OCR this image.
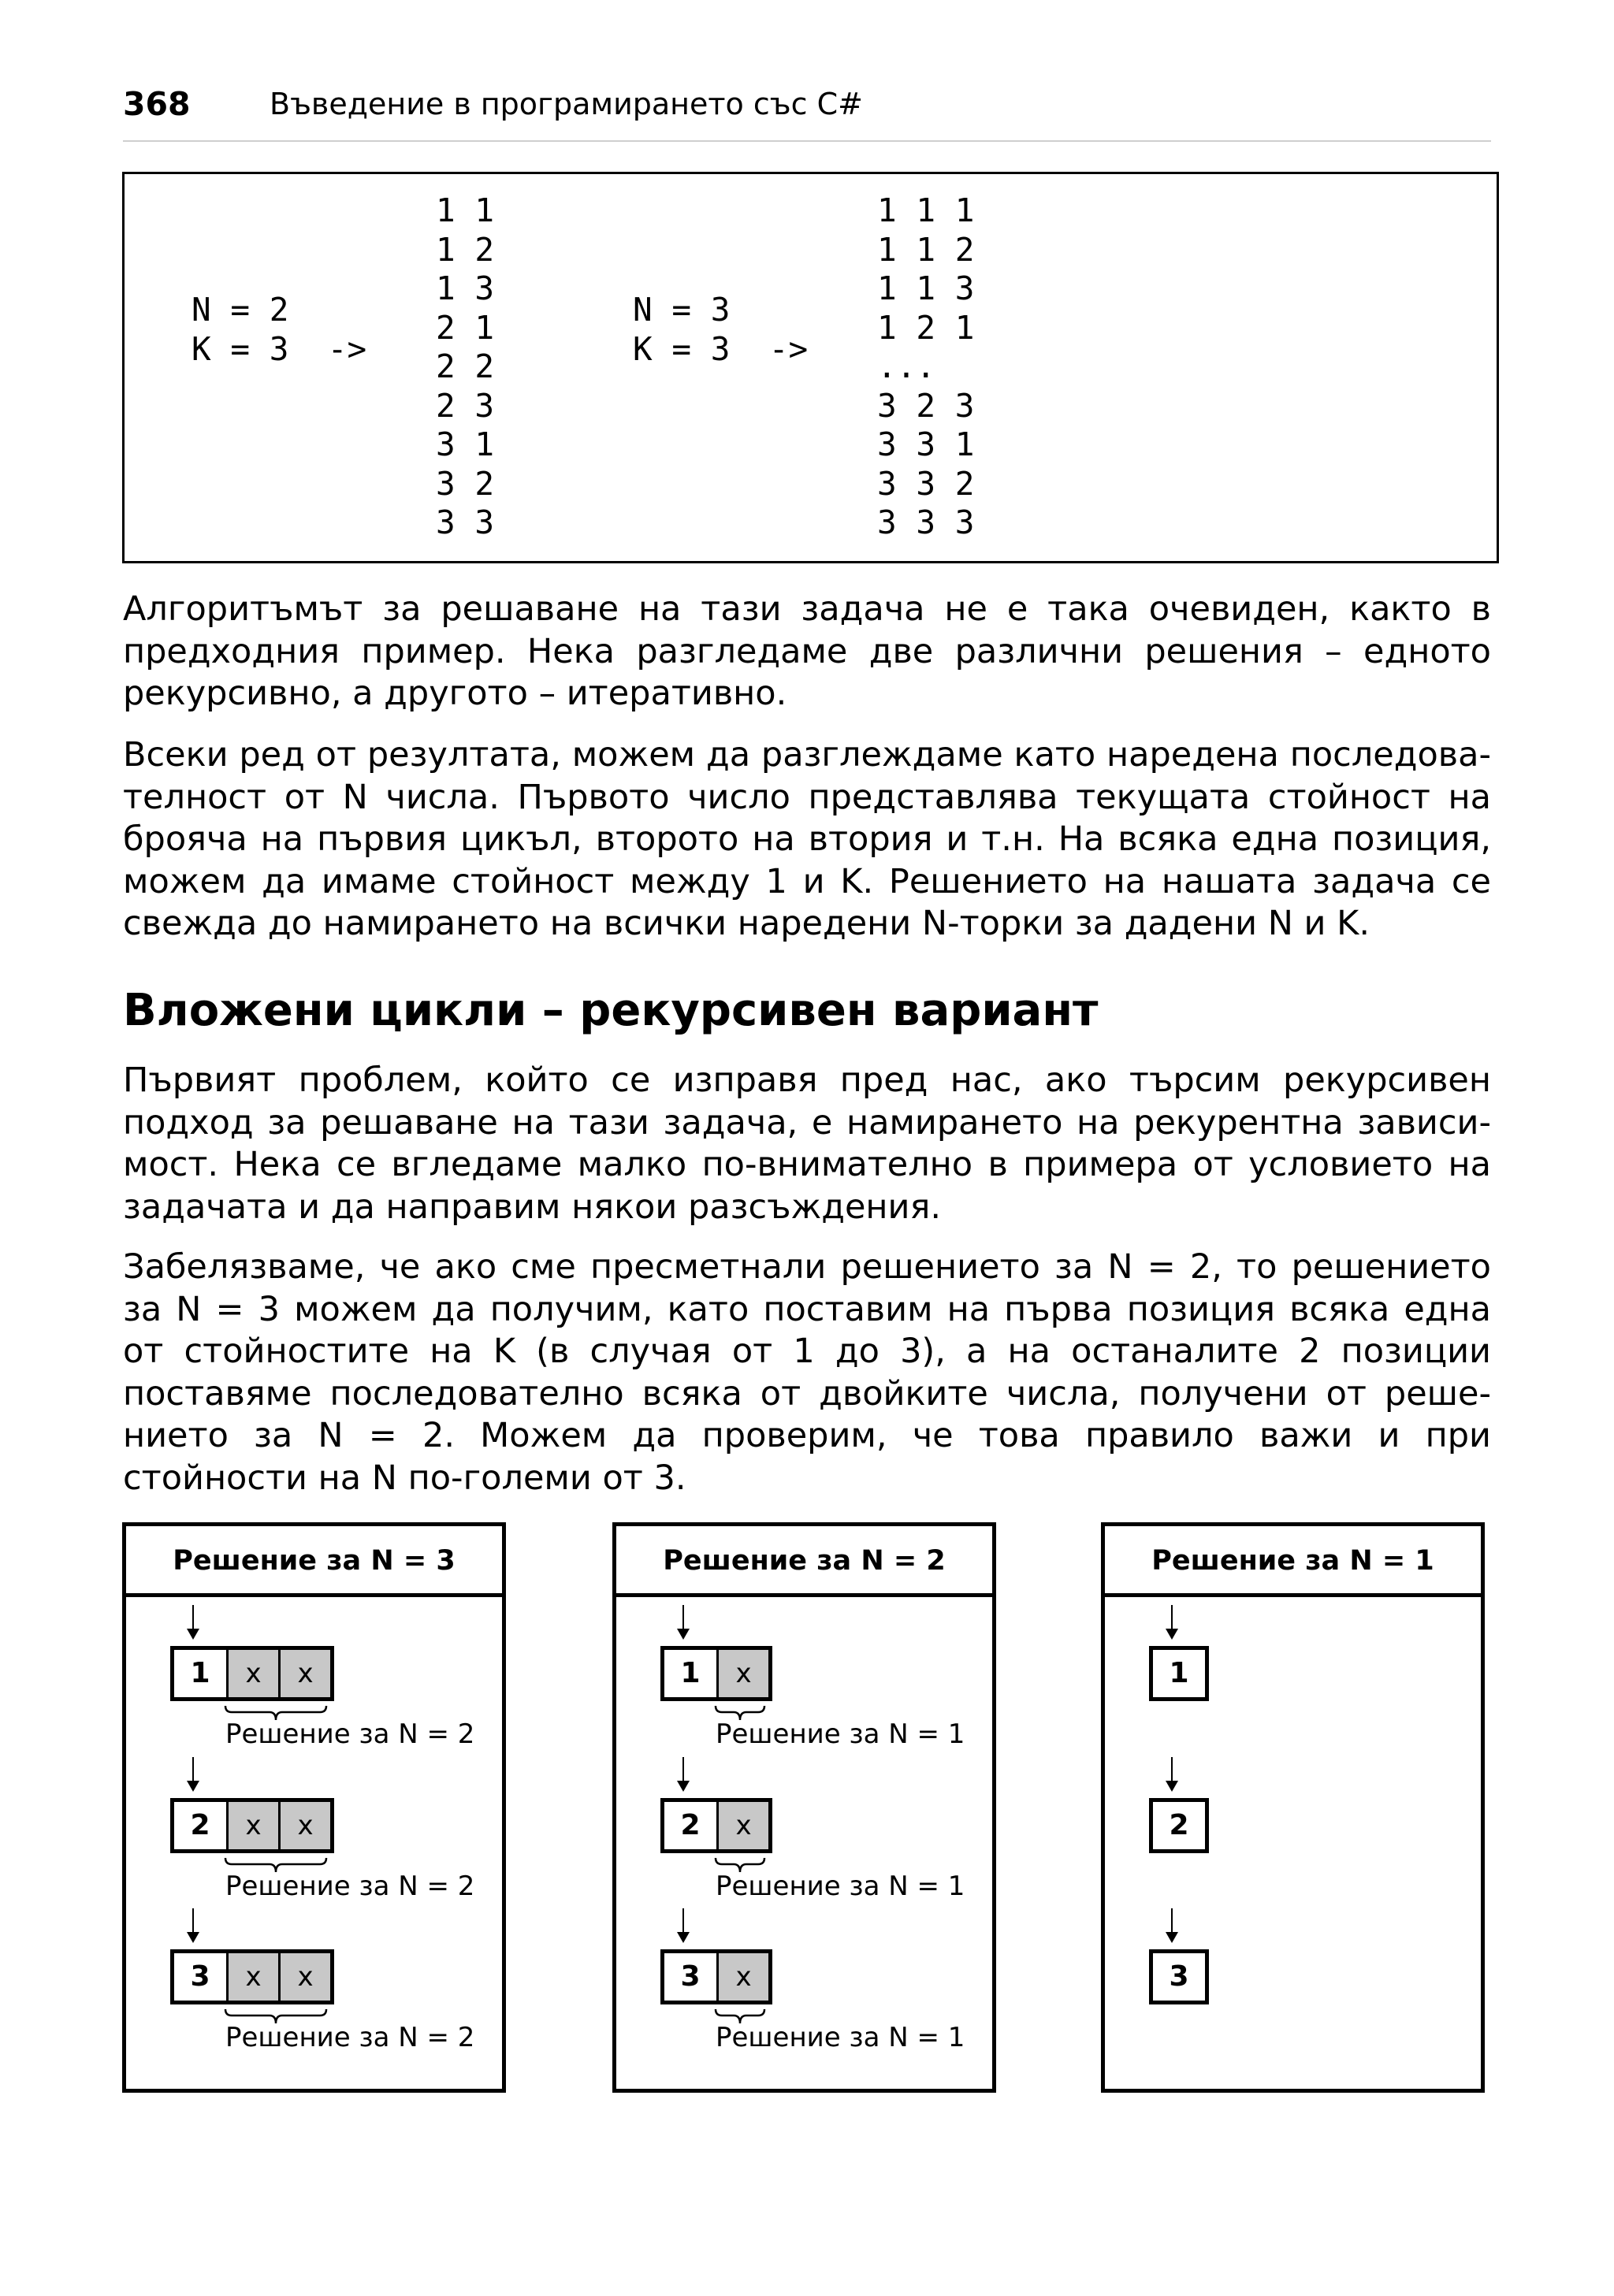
368	Въведение в програмирането със C#
N = 2
K = 3  ->
1 1
1 2
1 3
2 1
2 2
2 3
3 1
3 2
3 3
N = 3
K = 3  ->
1 1 1
1 1 2
1 1 3
1 2 1
...
3 2 3
3 3 1
3 3 2
3 3 3

Алгоритъмът за решаване на тази задача не е така очевиден, както в предходния пример. Нека разгледаме две различни решения – едното рекурсивно, а другото – итеративно.

Всеки ред от резултата, можем да разглеждаме като наредена последователност от N числа. Първото число представлява текущата стойност на брояча на първия цикъл, второто на втория и т.н. На всяка една позиция, можем да имаме стойност между 1 и K. Решението на нашата задача се свежда до намирането на всички наредени N-торки за дадени N и K.

Вложени цикли – рекурсивен вариант

Първият проблем, който се изправя пред нас, ако търсим рекурсивен подход за решаване на тази задача, е намирането на рекурентна зависимост. Нека се вгледаме малко по-внимателно в примера от условието на задачата и да направим някои разсъждения.

Забелязваме, че ако сме пресметнали решението за N = 2, то решението за N = 3 можем да получим, като поставим на първа позиция всяка една от стойностите на K (в случая от 1 до 3), а на останалите 2 позиции поставяме последователно всяка от двойките числа, получени от решението за N = 2. Можем да проверим, че това правило важи и при стойности на N по-големи от 3.

Решение за N = 3
1	x	x
Решение за N = 2
2	x	x
Решение за N = 2
3	x	x
Решение за N = 2
Решение за N = 2
1	x
Решение за N = 1
2	x
Решение за N = 1
3	x
Решение за N = 1
Решение за N = 1
1
2
3
